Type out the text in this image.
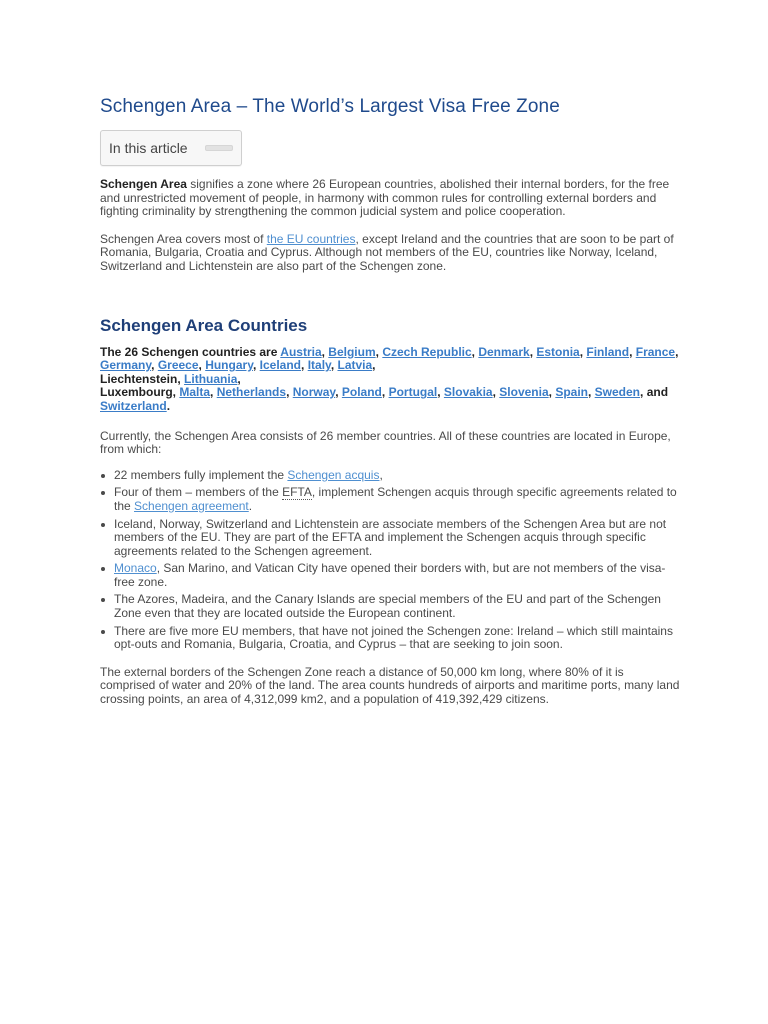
Schengen Area – The World’s Largest Visa Free Zone
In this article

Schengen Area signifies a zone where 26 European countries, abolished their internal borders, for the free and unrestricted movement of people, in harmony with common rules for controlling external borders and fighting criminality by strengthening the common judicial system and police cooperation.

Schengen Area covers most of the EU countries, except Ireland and the countries that are soon to be part of Romania, Bulgaria, Croatia and Cyprus. Although not members of the EU, countries like Norway, Iceland, Switzerland and Lichtenstein are also part of the Schengen zone.

Schengen Area Countries
The 26 Schengen countries are Austria, Belgium, Czech Republic, Denmark, Estonia, Finland, France, Germany, Greece, Hungary, Iceland, Italy, Latvia,
Liechtenstein, Lithuania,
Luxembourg, Malta, Netherlands, Norway, Poland, Portugal, Slovakia, Slovenia, Spain, Sweden, and Switzerland.

Currently, the Schengen Area consists of 26 member countries. All of these countries are located in Europe, from which:

22 members fully implement the Schengen acquis,
Four of them – members of the EFTA, implement Schengen acquis through specific agreements related to the Schengen agreement.
Iceland, Norway, Switzerland and Lichtenstein are associate members of the Schengen Area but are not members of the EU. They are part of the EFTA and implement the Schengen acquis through specific agreements related to the Schengen agreement.
Monaco, San Marino, and Vatican City have opened their borders with, but are not members of the visa-free zone.
The Azores, Madeira, and the Canary Islands are special members of the EU and part of the Schengen Zone even that they are located outside the European continent.
There are five more EU members, that have not joined the Schengen zone: Ireland – which still maintains opt-outs and Romania, Bulgaria, Croatia, and Cyprus – that are seeking to join soon.

The external borders of the Schengen Zone reach a distance of 50,000 km long, where 80% of it is comprised of water and 20% of the land. The area counts hundreds of airports and maritime ports, many land crossing points, an area of 4,312,099 km2, and a population of 419,392,429 citizens.
